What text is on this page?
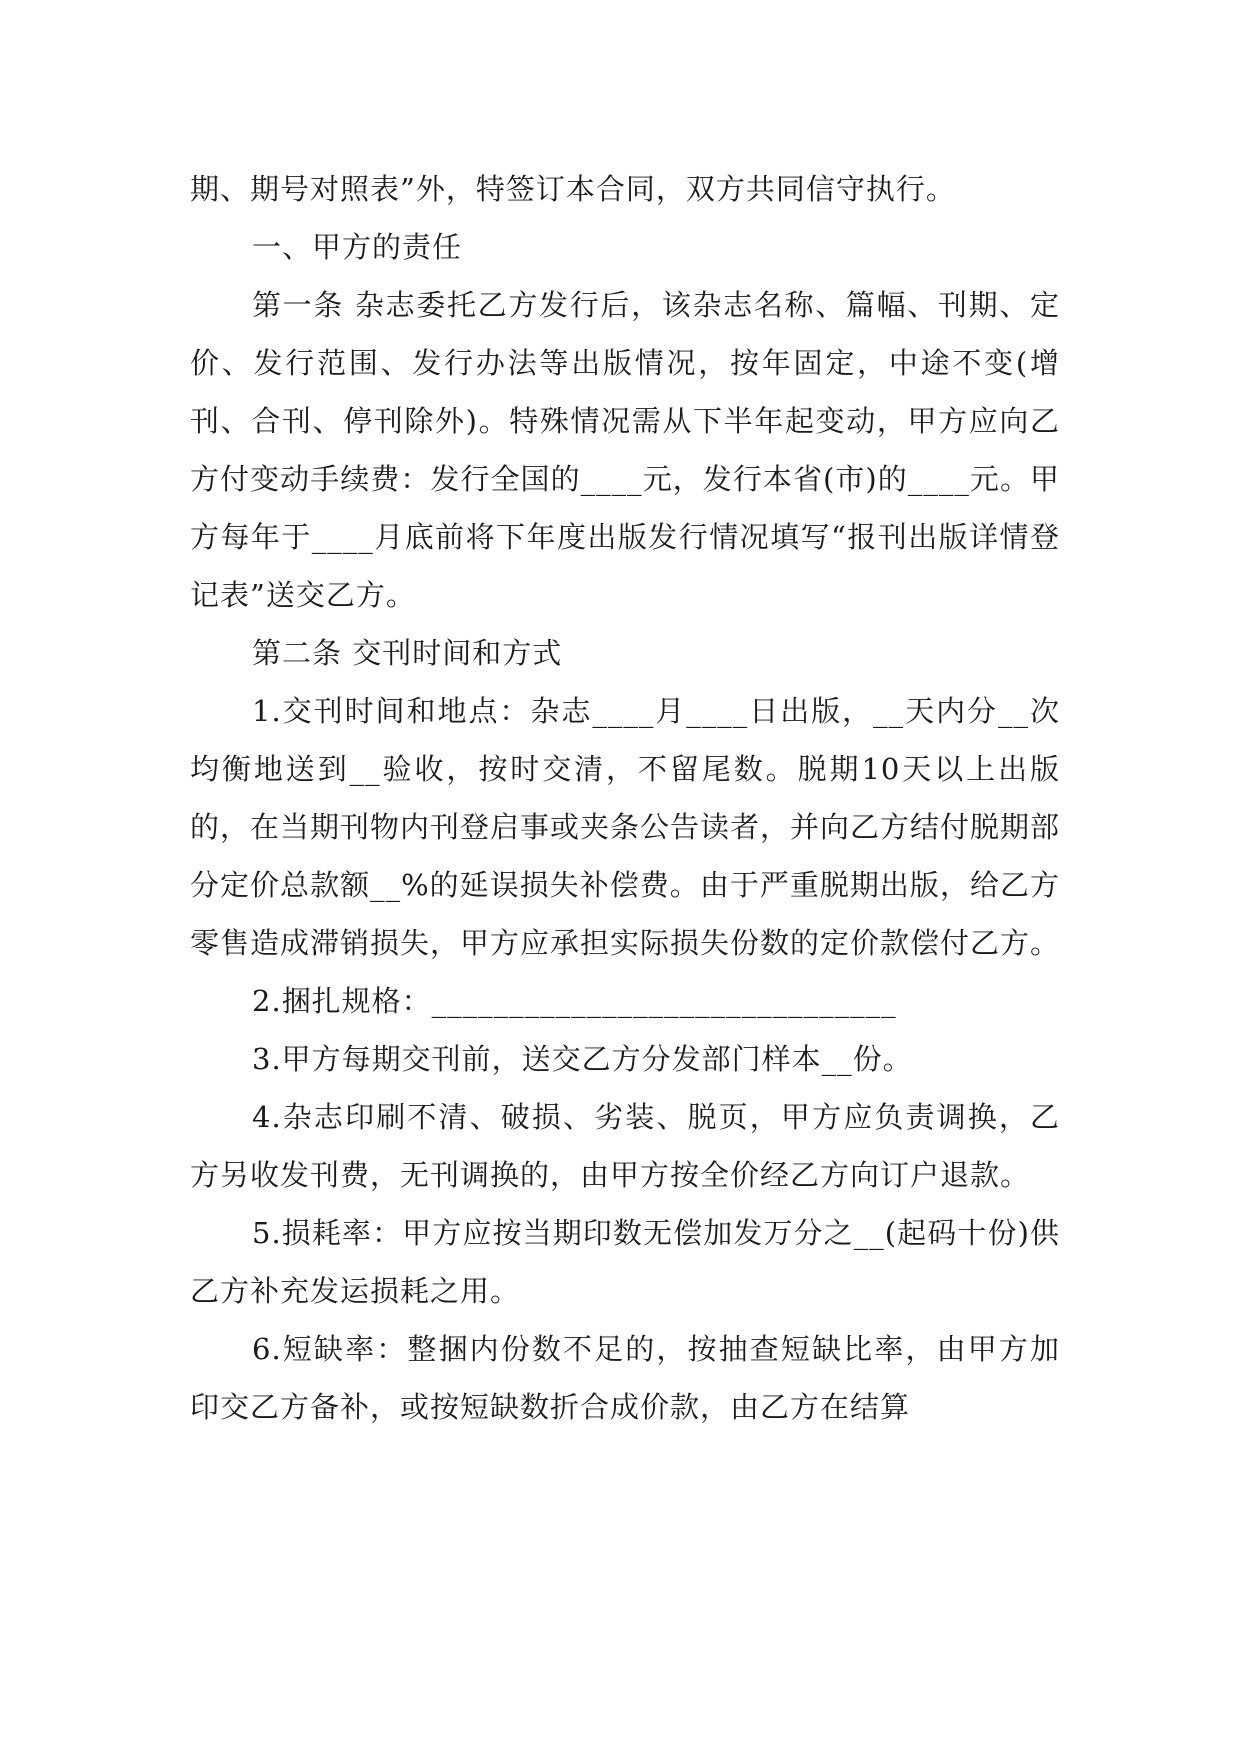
期、期号对照表”外，特签订本合同，双方共同信守执行。

一、甲方的责任

第一条 杂志委托乙方发行后，该杂志名称、篇幅、刊期、定价、发行范围、发行办法等出版情况，按年固定，中途不变(增刊、合刊、停刊除外)。特殊情况需从下半年起变动，甲方应向乙方付变动手续费：发行全国的____元，发行本省(市)的____元。甲方每年于____月底前将下年度出版发行情况填写“报刊出版详情登记表”送交乙方。

第二条 交刊时间和方式

1.交刊时间和地点：杂志____月____日出版，__天内分__次均衡地送到__验收，按时交清，不留尾数。脱期10天以上出版的，在当期刊物内刊登启事或夹条公告读者，并向乙方结付脱期部分定价总款额__%的延误损失补偿费。由于严重脱期出版，给乙方零售造成滞销损失，甲方应承担实际损失份数的定价款偿付乙方。

2.捆扎规格：______________________________

3.甲方每期交刊前，送交乙方分发部门样本__份。

4.杂志印刷不清、破损、劣装、脱页，甲方应负责调换，乙方另收发刊费，无刊调换的，由甲方按全价经乙方向订户退款。

5.损耗率：甲方应按当期印数无偿加发万分之__(起码十份)供乙方补充发运损耗之用。

6.短缺率：整捆内份数不足的，按抽查短缺比率，由甲方加印交乙方备补，或按短缺数折合成价款，由乙方在结算
